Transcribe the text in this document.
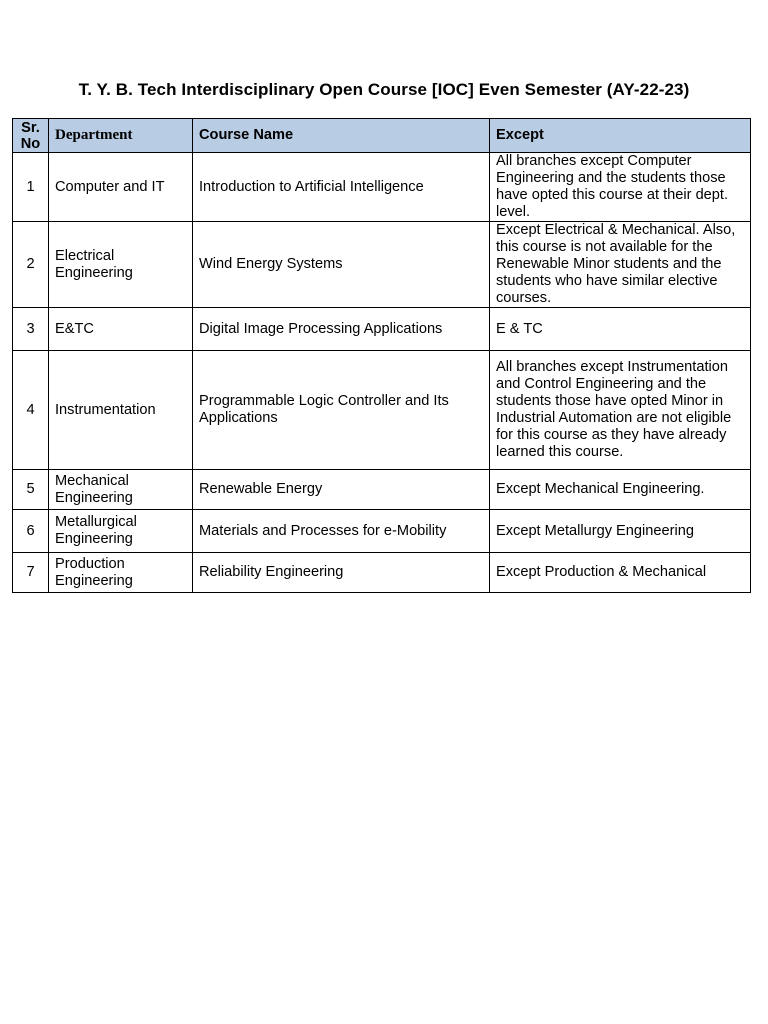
T. Y. B. Tech Interdisciplinary Open Course [IOC] Even Semester (AY-22-23)
Sr. No	Department	Course Name	Except
1	Computer and IT	Introduction to Artificial Intelligence	All branches except Computer Engineering and the students those have opted this course at their dept. level.
2	Electrical Engineering	Wind Energy Systems	Except Electrical & Mechanical. Also, this course is not available for the Renewable Minor students and the students who have similar elective courses.
3	E&TC	Digital Image Processing Applications	E & TC
4	Instrumentation	Programmable Logic Controller and Its Applications	All branches except Instrumentation and Control Engineering and the students those have opted Minor in Industrial Automation are not eligible for this course as they have already learned this course.
5	Mechanical Engineering	Renewable Energy	Except Mechanical Engineering.
6	Metallurgical Engineering	Materials and Processes for e-Mobility	Except Metallurgy Engineering
7	Production Engineering	Reliability Engineering	Except Production & Mechanical
